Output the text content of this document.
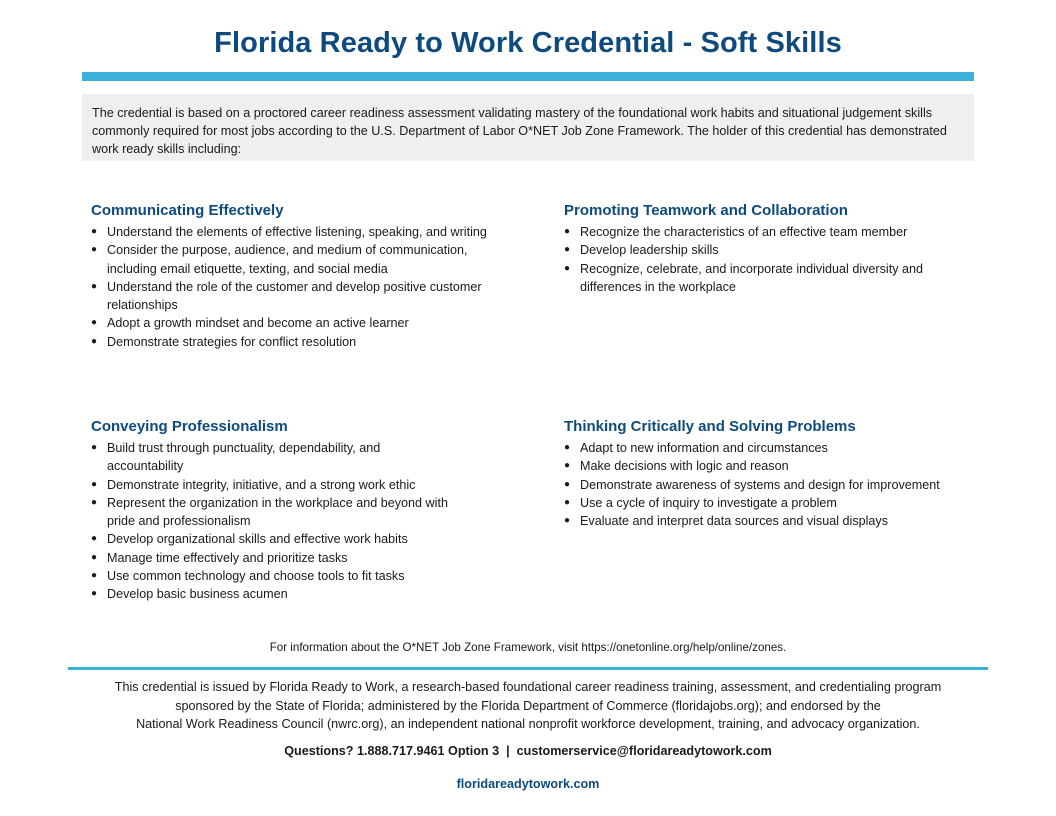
Florida Ready to Work Credential - Soft Skills
The credential is based on a proctored career readiness assessment validating mastery of the foundational work habits and situational judgement skills commonly required for most jobs according to the U.S. Department of Labor O*NET Job Zone Framework. The holder of this credential has demonstrated work ready skills including:
Communicating Effectively
● Understand the elements of effective listening, speaking, and writing
● Consider the purpose, audience, and medium of communication, including email etiquette, texting, and social media
● Understand the role of the customer and develop positive customer relationships
● Adopt a growth mindset and become an active learner
● Demonstrate strategies for conflict resolution
Promoting Teamwork and Collaboration
● Recognize the characteristics of an effective team member
● Develop leadership skills
● Recognize, celebrate, and incorporate individual diversity and differences in the workplace
Conveying Professionalism
● Build trust through punctuality, dependability, and accountability
● Demonstrate integrity, initiative, and a strong work ethic
● Represent the organization in the workplace and beyond with pride and professionalism
● Develop organizational skills and effective work habits
● Manage time effectively and prioritize tasks
● Use common technology and choose tools to fit tasks
● Develop basic business acumen
Thinking Critically and Solving Problems
● Adapt to new information and circumstances
● Make decisions with logic and reason
● Demonstrate awareness of systems and design for improvement
● Use a cycle of inquiry to investigate a problem
● Evaluate and interpret data sources and visual displays
For information about the O*NET Job Zone Framework, visit https://onetonline.org/help/online/zones.
This credential is issued by Florida Ready to Work, a research-based foundational career readiness training, assessment, and credentialing program
sponsored by the State of Florida; administered by the Florida Department of Commerce (floridajobs.org); and endorsed by the
National Work Readiness Council (nwrc.org), an independent national nonprofit workforce development, training, and advocacy organization.
Questions? 1.888.717.9461 Option 3  |  customerservice@floridareadytowork.com
floridareadytowork.com
